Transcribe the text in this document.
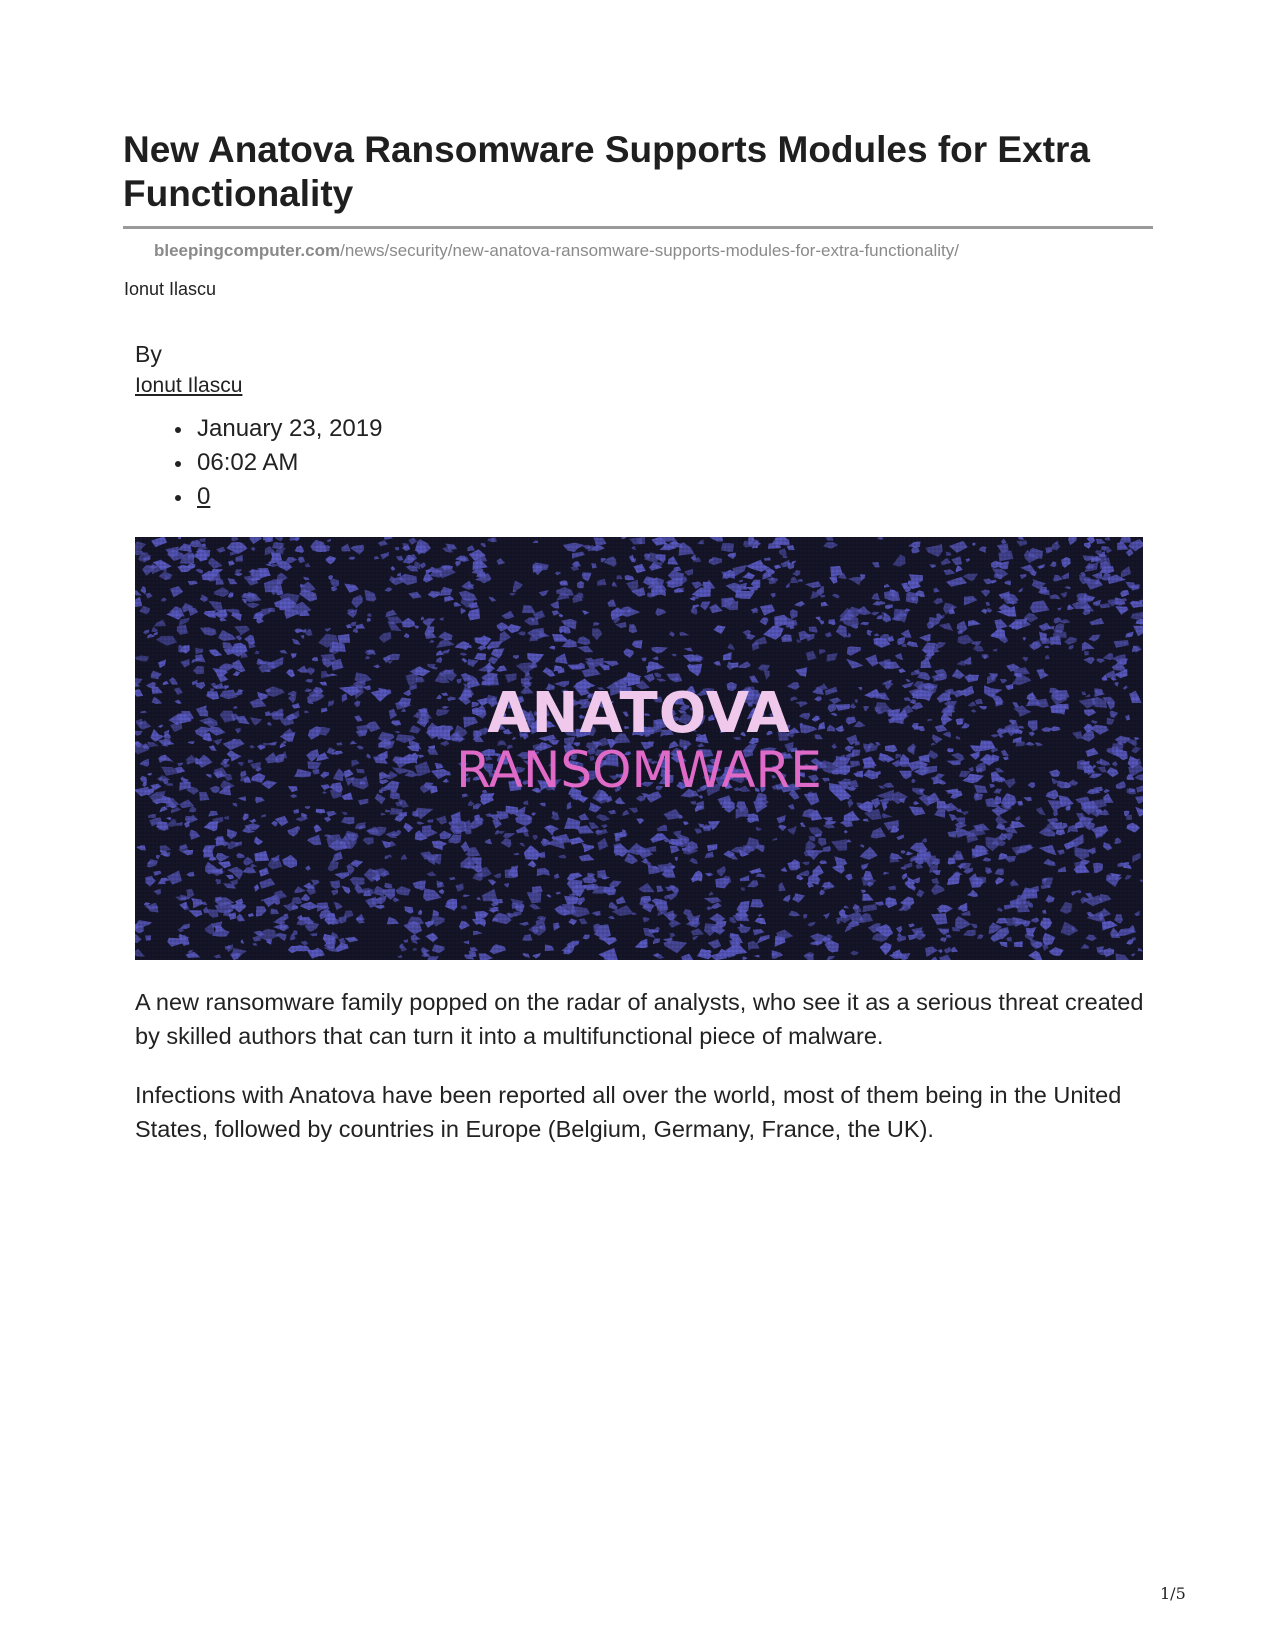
New Anatova Ransomware Supports Modules for Extra Functionality
bleepingcomputer.com/news/security/new-anatova-ransomware-supports-modules-for-extra-functionality/
Ionut Ilascu
By
Ionut Ilascu
January 23, 2019
06:02 AM
0
ANATOVA
RANSOMWARE

A new ransomware family popped on the radar of analysts, who see it as a serious threat created by skilled authors that can turn it into a multifunctional piece of malware.

Infections with Anatova have been reported all over the world, most of them being in the United States, followed by countries in Europe (Belgium, Germany, France, the UK).

1/5
